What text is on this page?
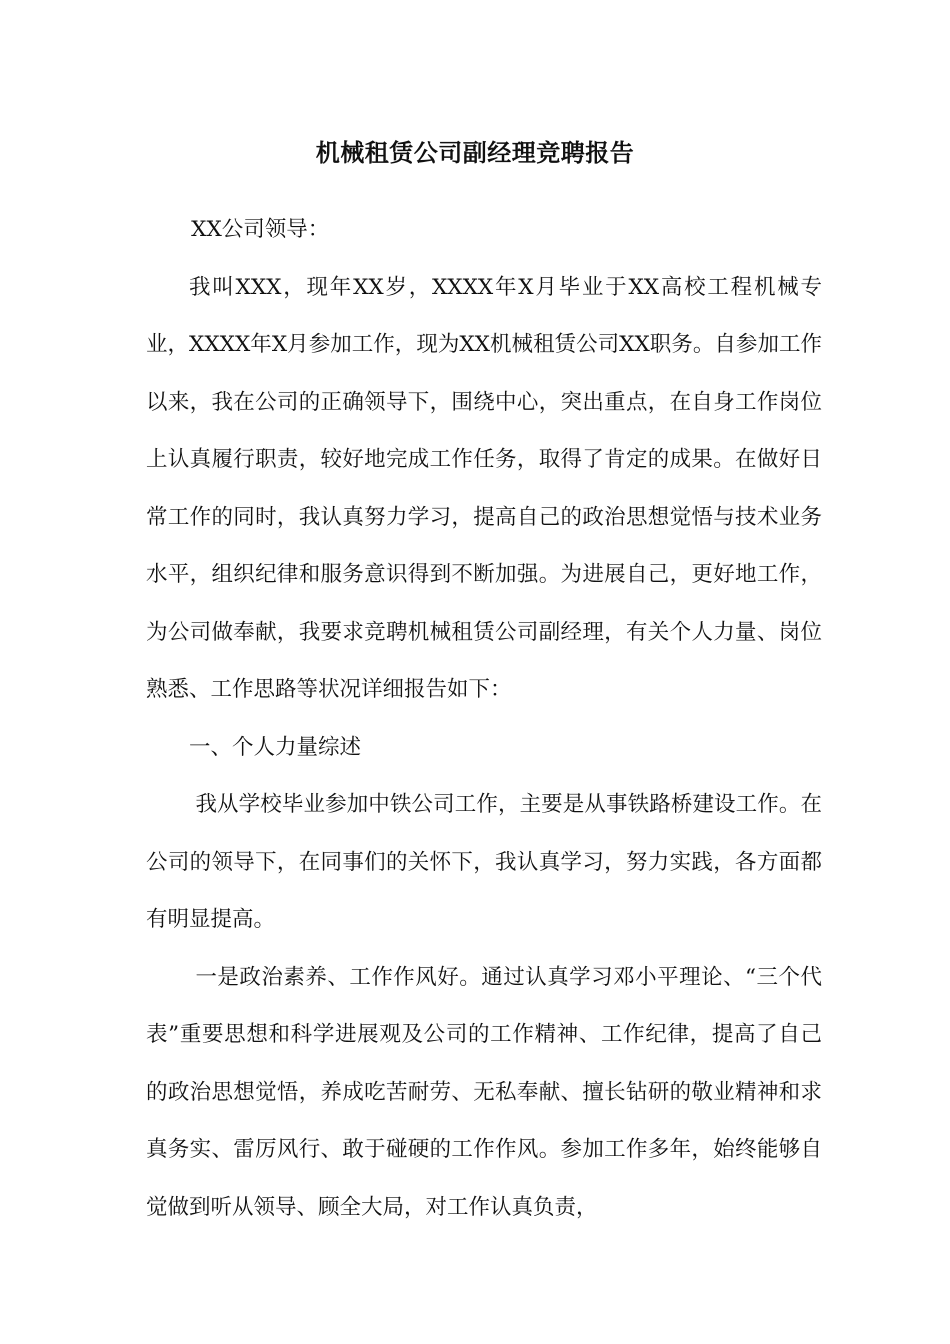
机械租赁公司副经理竞聘报告

XX公司领导：

我叫XXX，现年XX岁，XXXX年X月毕业于XX高校工程机械专业，XXXX年X月参加工作，现为XX机械租赁公司XX职务。自参加工作以来，我在公司的正确领导下，围绕中心，突出重点，在自身工作岗位上认真履行职责，较好地完成工作任务，取得了肯定的成果。在做好日常工作的同时，我认真努力学习，提高自己的政治思想觉悟与技术业务水平，组织纪律和服务意识得到不断加强。为进展自己，更好地工作，为公司做奉献，我要求竞聘机械租赁公司副经理，有关个人力量、岗位熟悉、工作思路等状况详细报告如下：

一、个人力量综述

我从学校毕业参加中铁公司工作，主要是从事铁路桥建设工作。在公司的领导下，在同事们的关怀下，我认真学习，努力实践，各方面都有明显提高。

一是政治素养、工作作风好。通过认真学习邓小平理论、“三个代表”重要思想和科学进展观及公司的工作精神、工作纪律，提高了自己的政治思想觉悟，养成吃苦耐劳、无私奉献、擅长钻研的敬业精神和求真务实、雷厉风行、敢于碰硬的工作作风。参加工作多年，始终能够自觉做到听从领导、顾全大局，对工作认真负责，
